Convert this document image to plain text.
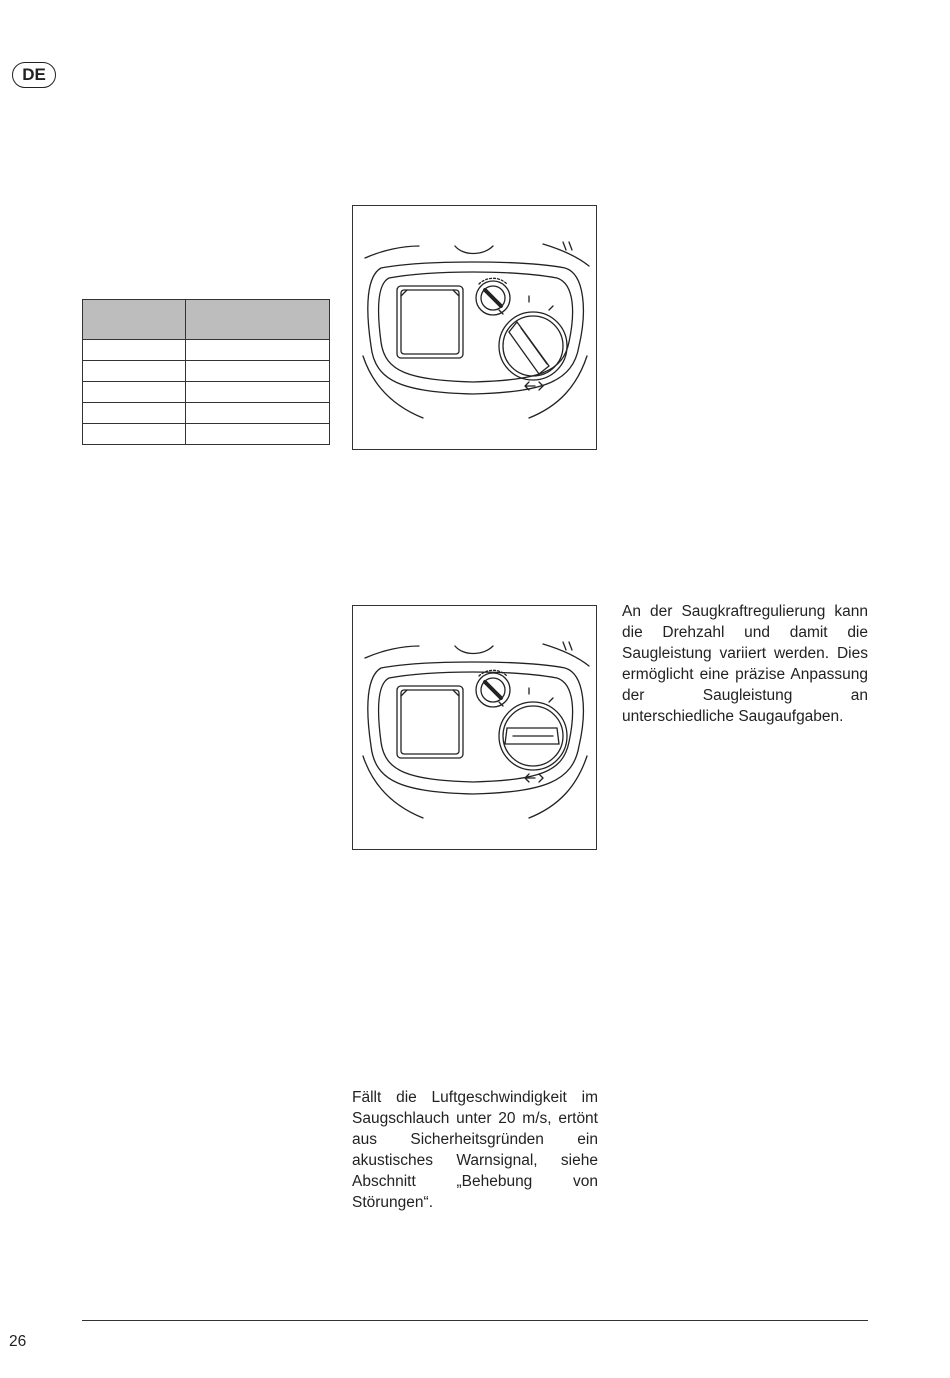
DE

An der Saugkraftregulierung kann die Drehzahl und damit die Saugleistung variiert werden. Dies ermöglicht eine präzise Anpassung der Saugleistung an unterschiedliche Saugaufgaben.

Fällt die Luftgeschwindigkeit im Saugschlauch unter 20 m/s, ertönt aus Sicherheitsgründen ein akustisches Warnsignal, siehe Abschnitt „Behebung von Störungen“.

26
